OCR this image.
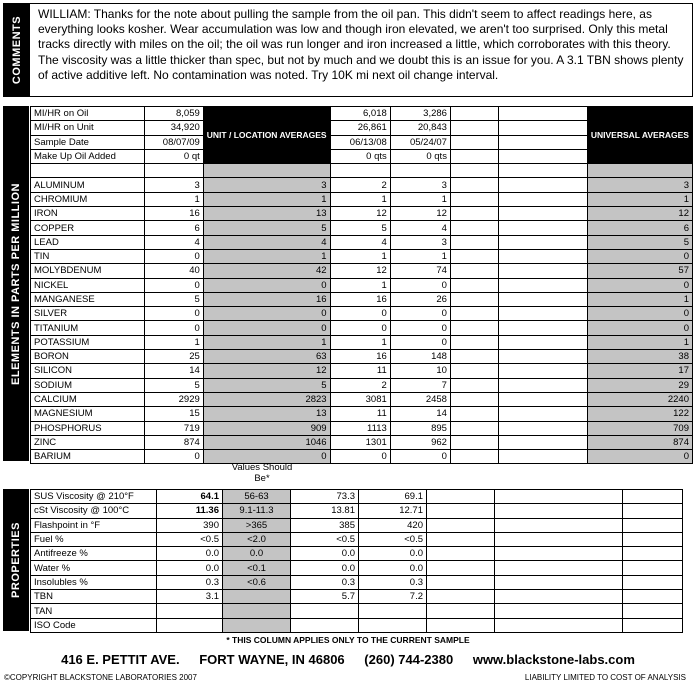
COMMENTS
WILLIAM: Thanks for the note about pulling the sample from the oil pan. This didn't seem to affect readings here, as everything looks kosher. Wear accumulation was low and though iron elevated, we aren't too surprised. Only this metal tracks directly with miles on the oil; the oil was run longer and iron increased a little, which corroborates with this theory. The viscosity was a little thicker than spec, but not by much and we doubt this is an issue for you. A 3.1 TBN shows plenty of active additive left. No contamination was noted. Try 10K mi next oil change interval.
ELEMENTS IN PARTS PER MILLION
MI/HR on Oil	8,059	UNIT / LOCATION AVERAGES	6,018	3,286			UNIVERSAL AVERAGES
MI/HR on Unit	34,920		26,861	20,843			
Sample Date	08/07/09		06/13/08	05/24/07			
Make Up Oil Added	0 qt		0 qts	0 qts			

ALUMINUM	3	3	2	3			3
CHROMIUM	1	1	1	1			1
IRON	16	13	12	12			12
COPPER	6	5	5	4			6
LEAD	4	4	4	3			5
TIN	0	1	1	1			0
MOLYBDENUM	40	42	12	74			57
NICKEL	0	0	1	0			0
MANGANESE	5	16	16	26			1
SILVER	0	0	0	0			0
TITANIUM	0	0	0	0			0
POTASSIUM	1	1	1	0			1
BORON	25	63	16	148			38
SILICON	14	12	11	10			17
SODIUM	5	5	2	7			29
CALCIUM	2929	2823	3081	2458			2240
MAGNESIUM	15	13	11	14			122
PHOSPHORUS	719	909	1113	895			709
ZINC	874	1046	1301	962			874
BARIUM	0	0	0	0			0
Values Should Be*
PROPERTIES
SUS Viscosity @ 210°F	64.1	56-63	73.3	69.1			
cSt Viscosity @ 100°C	11.36	9.1-11.3	13.81	12.71			
Flashpoint in °F	390	>365	385	420			
Fuel %	<0.5	<2.0	<0.5	<0.5			
Antifreeze %	0.0	0.0	0.0	0.0			
Water %	0.0	<0.1	0.0	0.0			
Insolubles %	0.3	<0.6	0.3	0.3			
TBN	3.1		5.7	7.2			
TAN							
ISO Code							
* THIS COLUMN APPLIES ONLY TO THE CURRENT SAMPLE
416 E. PETTIT AVE. FORT WAYNE, IN 46806 (260) 744-2380 www.blackstone-labs.com
©COPYRIGHT BLACKSTONE LABORATORIES 2007	LIABILITY LIMITED TO COST OF ANALYSIS
